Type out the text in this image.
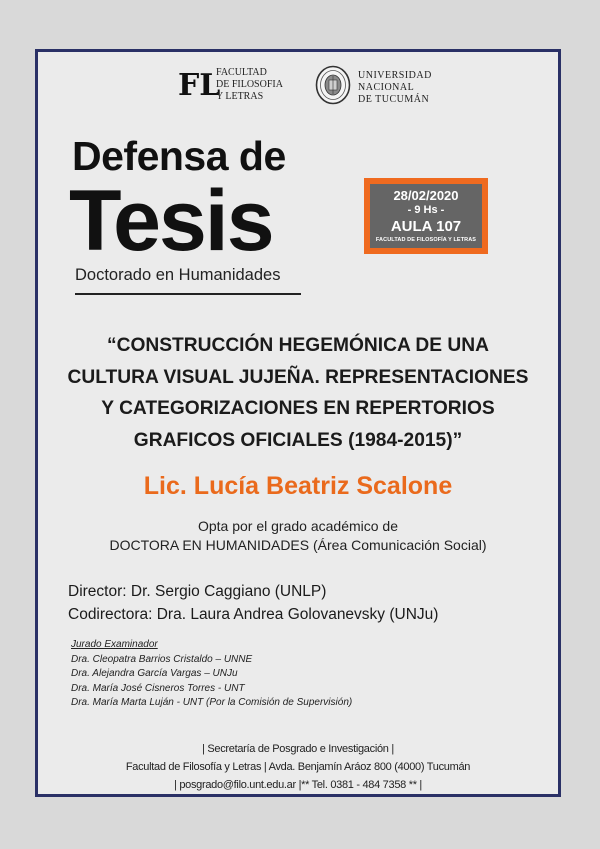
FL
FACULTAD
DE FILOSOFIA
Y LETRAS
UNIVERSIDAD
NACIONAL
DE TUCUMÁN
Defensa de
Tesis
Doctorado en Humanidades
28/02/2020
- 9 Hs -
AULA 107
FACULTAD DE FILOSOFÍA Y LETRAS
“CONSTRUCCIÓN HEGEMÓNICA DE UNA
CULTURA VISUAL JUJEÑA. REPRESENTACIONES
Y CATEGORIZACIONES EN REPERTORIOS
GRAFICOS OFICIALES (1984-2015)”
Lic. Lucía Beatriz Scalone
Opta por el grado académico de
DOCTORA EN HUMANIDADES (Área Comunicación Social)
Director: Dr. Sergio Caggiano (UNLP)
Codirectora: Dra. Laura Andrea Golovanevsky (UNJu)
Jurado Examinador
Dra. Cleopatra Barrios Cristaldo – UNNE
Dra. Alejandra García Vargas – UNJu
Dra. María José Cisneros Torres - UNT
Dra. María Marta Luján - UNT (Por la Comisión de Supervisión)
| Secretaría de Posgrado e Investigación |
Facultad de Filosofía y Letras | Avda. Benjamín Aráoz 800 (4000) Tucumán
| posgrado@filo.unt.edu.ar |** Tel. 0381 - 484 7358 ** |
